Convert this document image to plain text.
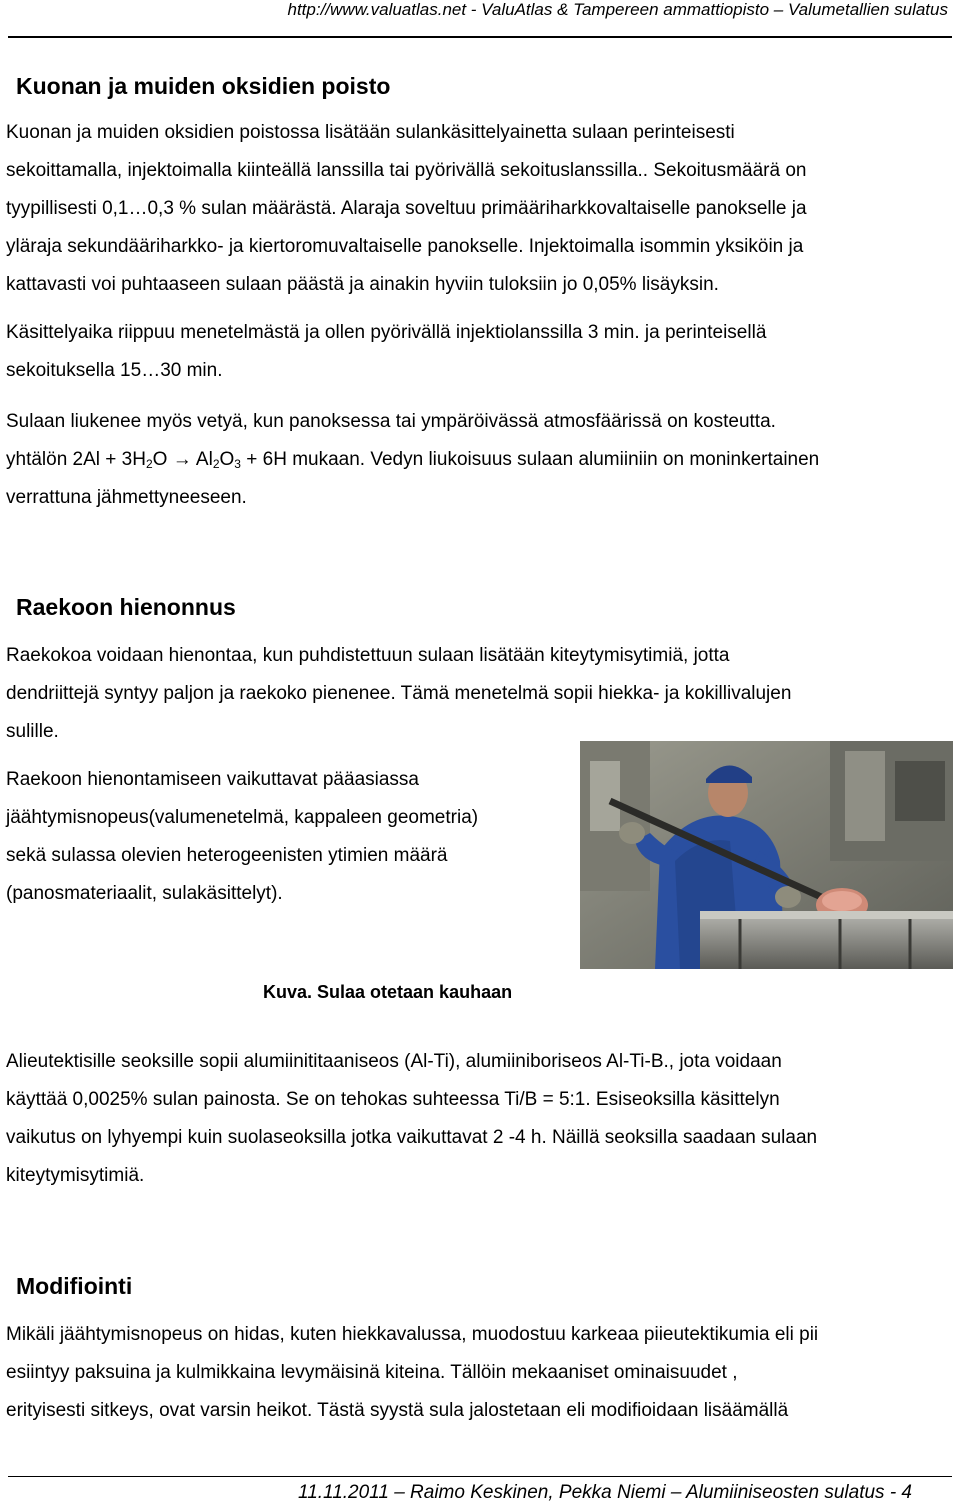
http://www.valuatlas.net - ValuAtlas & Tampereen ammattiopisto – Valumetallien sulatus
Kuonan ja muiden oksidien poisto
Kuonan ja muiden oksidien poistossa lisätään sulankäsittelyainetta sulaan perinteisesti
sekoittamalla, injektoimalla kiinteällä lanssilla tai pyörivällä sekoituslanssilla.. Sekoitusmäärä on
tyypillisesti 0,1…0,3 % sulan määrästä. Alaraja soveltuu primääriharkkovaltaiselle panokselle ja
yläraja sekundääriharkko- ja kiertoromuvaltaiselle panokselle. Injektoimalla isommin yksiköin ja
kattavasti voi puhtaaseen sulaan päästä ja ainakin hyviin tuloksiin jo 0,05% lisäyksin.
Käsittelyaika riippuu menetelmästä ja ollen pyörivällä injektiolanssilla 3 min. ja perinteisellä
sekoituksella 15…30 min.
Sulaan liukenee myös vetyä, kun panoksessa tai ympäröivässä atmosfäärissä on kosteutta.
yhtälön $2Al + 3H_2O \to Al_2O_3 + 6H$ mukaan. Vedyn liukoisuus sulaan alumiiniin on moninkertainen
verrattuna jähmettyneeseen.
Raekoon hienonnus
Raekokoa voidaan hienontaa, kun puhdistettuun sulaan lisätään kiteytymisytimiä, jotta
dendriittejä syntyy paljon ja raekoko pienenee. Tämä menetelmä sopii hiekka- ja kokillivalujen
sulille.
Raekoon hienontamiseen vaikuttavat pääasiassa
jäähtymisnopeus(valumenetelmä, kappaleen geometria)
sekä sulassa olevien heterogeenisten ytimien määrä
(panosmateriaalit, sulakäsittelyt).
Kuva. Sulaa otetaan kauhaan
Alieutektisille seoksille sopii alumiinititaaniseos (Al-Ti), alumiiniboriseos Al-Ti-B., jota voidaan
käyttää 0,0025% sulan painosta. Se on tehokas suhteessa Ti/B = 5:1. Esiseoksilla käsittelyn
vaikutus on lyhyempi kuin suolaseoksilla jotka vaikuttavat 2 -4 h. Näillä seoksilla saadaan sulaan
kiteytymisytimiä.
Modifiointi
Mikäli jäähtymisnopeus on hidas, kuten hiekkavalussa, muodostuu karkeaa piieutektikumia eli pii
esiintyy paksuina ja kulmikkaina levymäisinä kiteina. Tällöin mekaaniset ominaisuudet ,
erityisesti sitkeys, ovat varsin heikot. Tästä syystä sula jalostetaan eli modifioidaan lisäämällä
11.11.2011 – Raimo Keskinen, Pekka Niemi – Alumiiniseosten sulatus - 4
